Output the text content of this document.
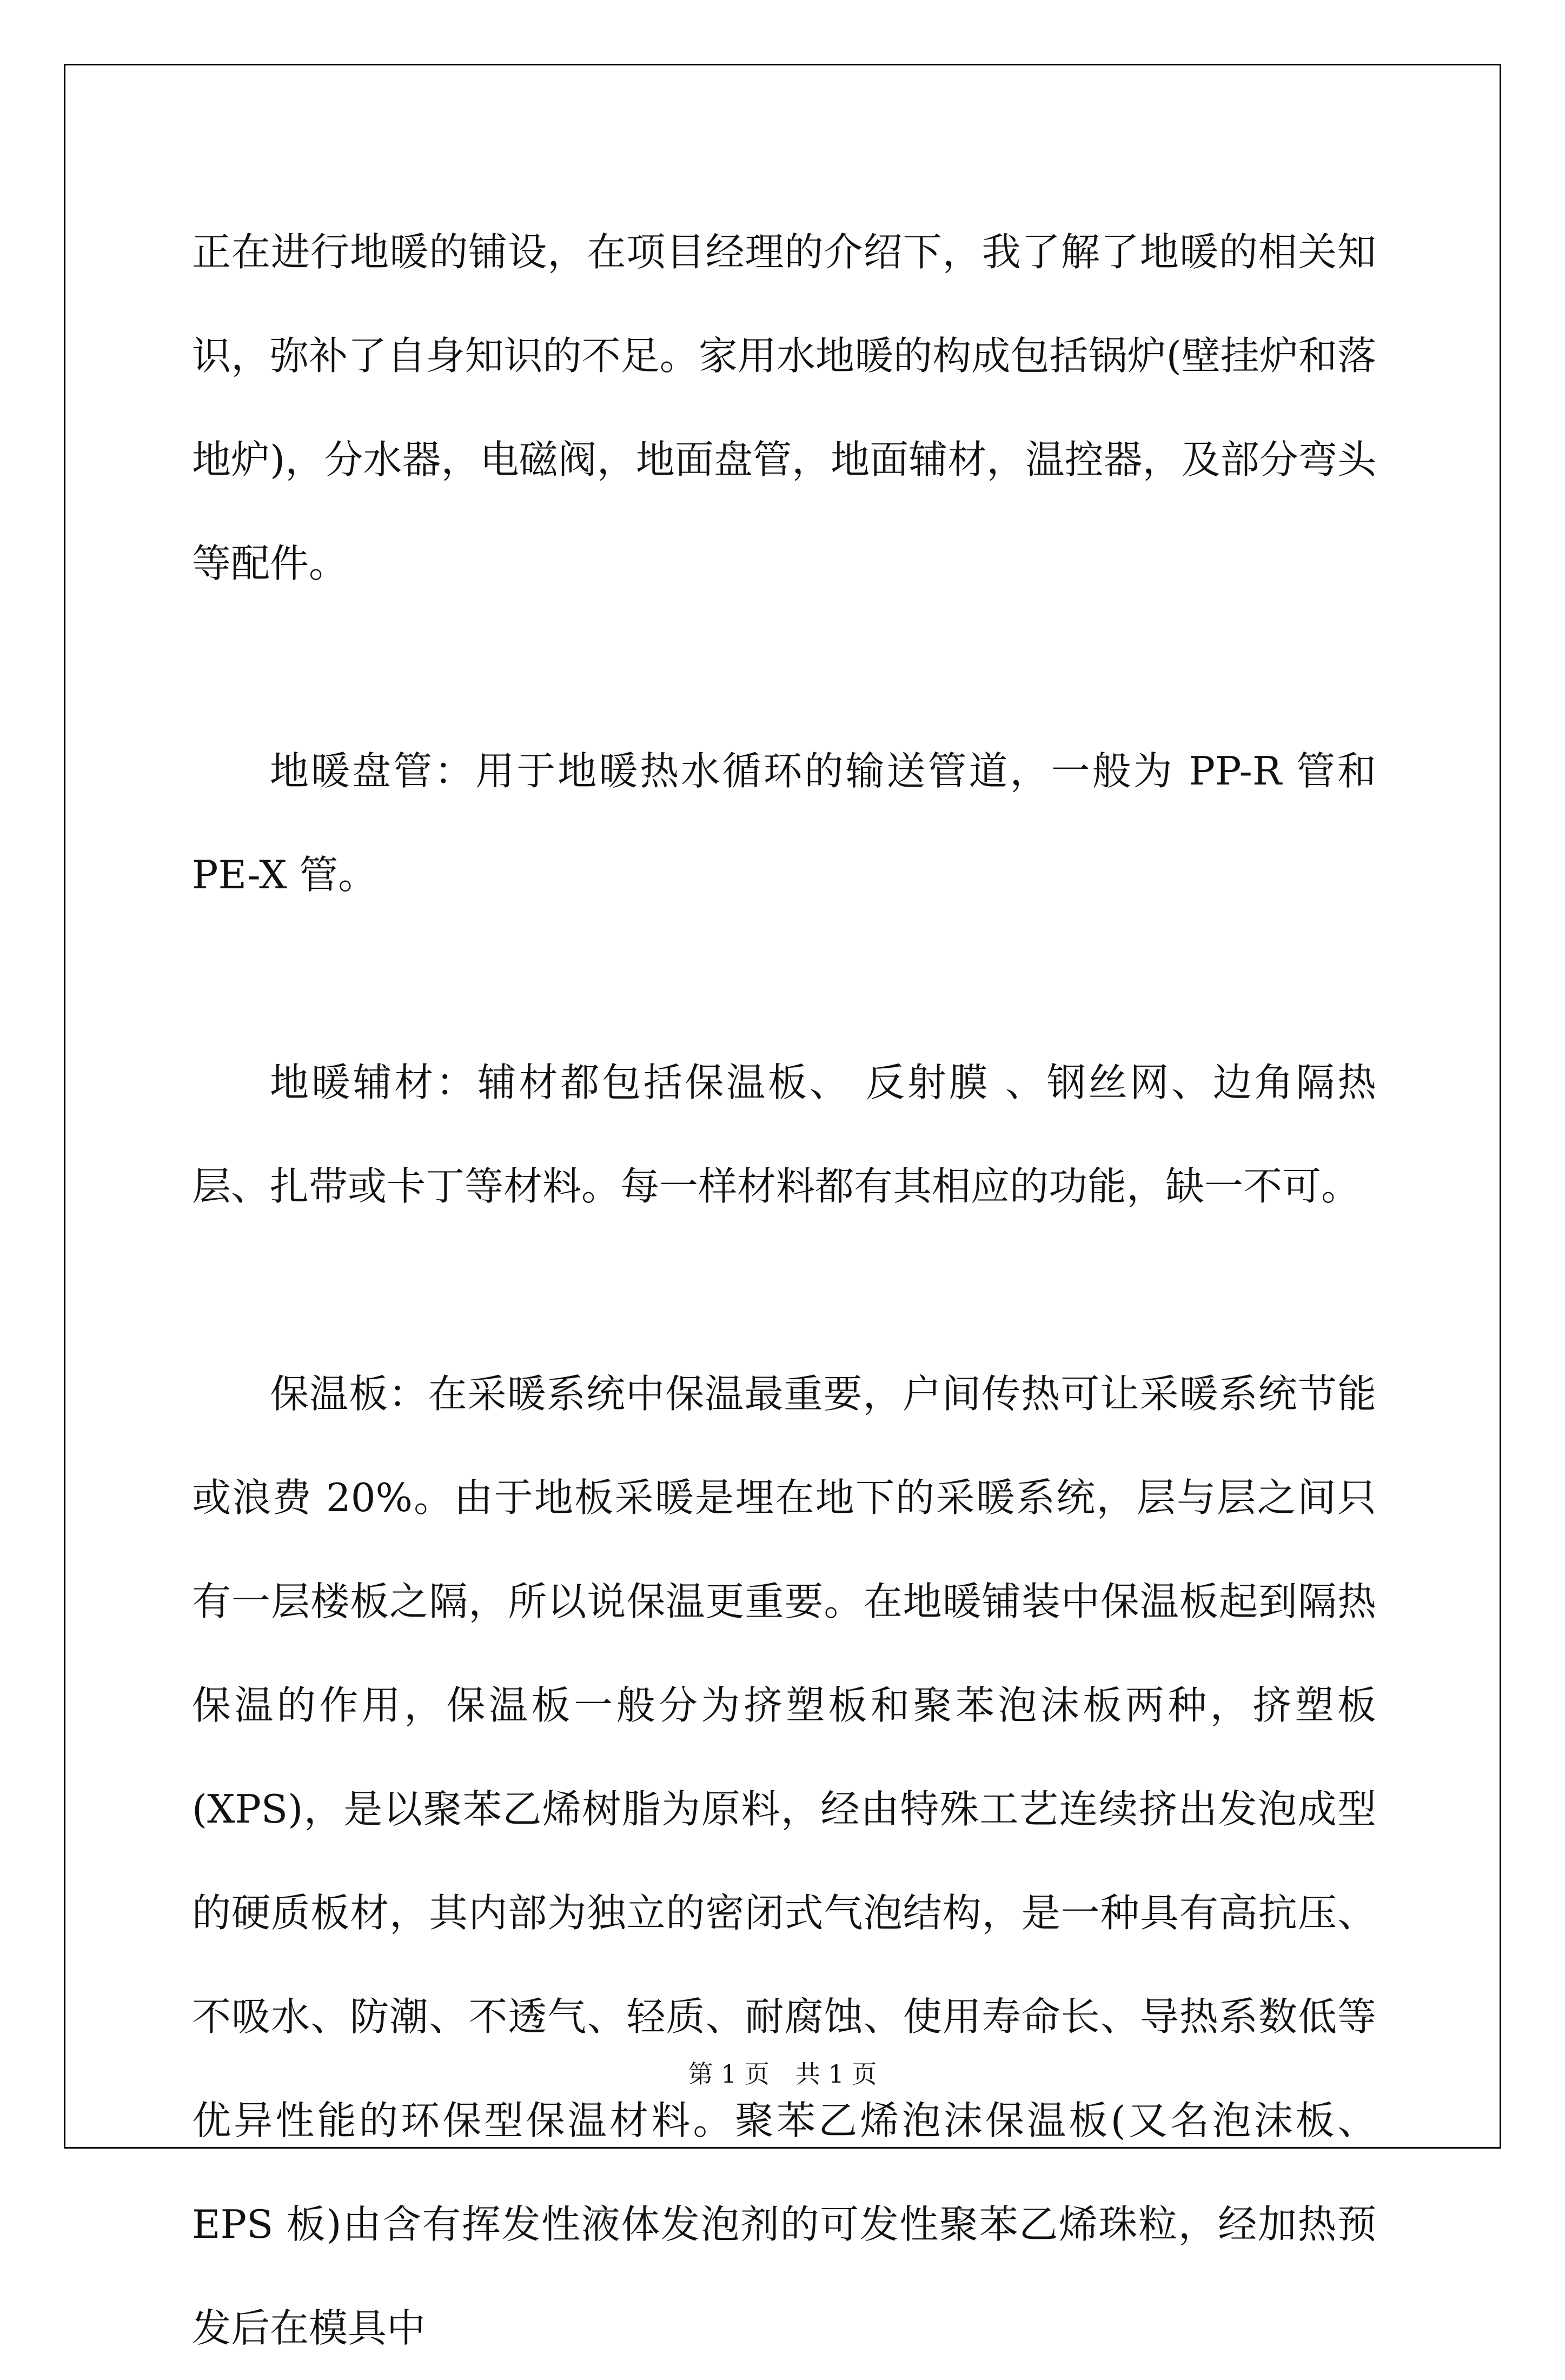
正在进行地暖的铺设，在项目经理的介绍下，我了解了地暖的相关知识，弥补了自身知识的不足。家用水地暖的构成包括锅炉(壁挂炉和落地炉)，分水器，电磁阀，地面盘管，地面辅材，温控器，及部分弯头等配件。

地暖盘管：用于地暖热水循环的输送管道，一般为 PP-R 管和 PE-X 管。

地暖辅材：辅材都包括保温板、 反射膜 、钢丝网、边角隔热层、扎带或卡丁等材料。每一样材料都有其相应的功能，缺一不可。

保温板：在采暖系统中保温最重要，户间传热可让采暖系统节能或浪费 20%。由于地板采暖是埋在地下的采暖系统，层与层之间只有一层楼板之隔，所以说保温更重要。在地暖铺装中保温板起到隔热保温的作用，保温板一般分为挤塑板和聚苯泡沫板两种，挤塑板(XPS)，是以聚苯乙烯树脂为原料，经由特殊工艺连续挤出发泡成型的硬质板材，其内部为独立的密闭式气泡结构，是一种具有高抗压、不吸水、防潮、不透气、轻质、耐腐蚀、使用寿命长、导热系数低等优异性能的环保型保温材料。聚苯乙烯泡沫保温板(又名泡沫板、EPS 板)由含有挥发性液体发泡剂的可发性聚苯乙烯珠粒，经加热预发后在模具中

第 1 页 共 1 页
